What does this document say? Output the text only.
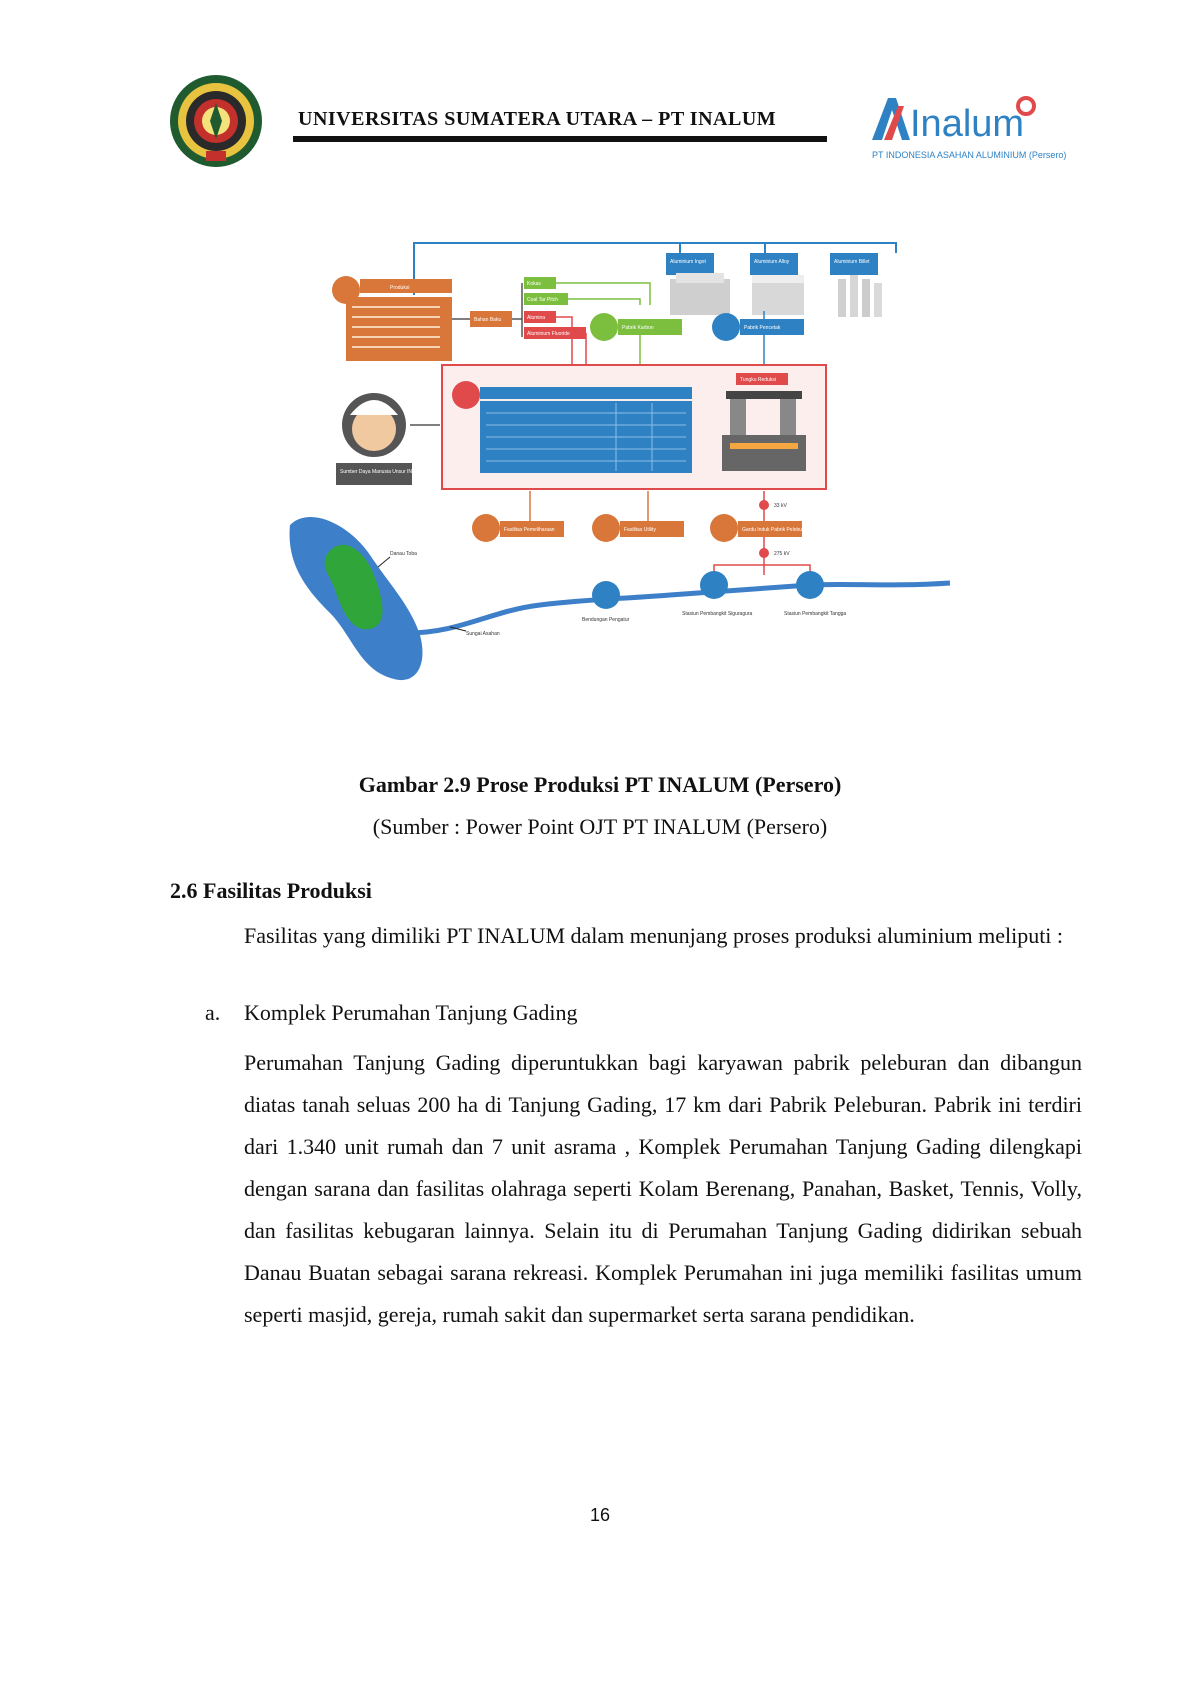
UNIVERSITAS SUMATERA UTARA – PT INALUM	Inalum
PT INDONESIA ASAHAN ALUMINIUM (Persero)
Aluminium Ingot	Aluminium Alloy	Aluminium Billet
Produksi
Bahan Baku
Kokas
Coal Tar Pitch
Alumina
Aluminium Fluoride
Pabrik Karbon	Pabrik Pencetak
Tungku Reduksi
Sumber Daya Manusia Unsur INALUM
Fasilitas Pemeliharaan	Fasilitas Utility	Gardu Induk Pabrik Peleburan
33 kV
275 kV
Danau Toba
Sungai Asahan
Bendungan Pengatur
Stasiun Pembangkit Siguragura	Stasiun Pembangkit Tangga
Gambar 2.9 Prose Produksi PT INALUM (Persero)
(Sumber : Power Point OJT PT INALUM (Persero)
2.6 Fasilitas Produksi
Fasilitas yang dimiliki PT INALUM dalam menunjang proses produksi aluminium meliputi :
a. Komplek Perumahan Tanjung Gading
Perumahan Tanjung Gading diperuntukkan bagi karyawan pabrik peleburan dan dibangun diatas tanah seluas 200 ha di Tanjung Gading, 17 km dari Pabrik Peleburan. Pabrik ini terdiri dari 1.340 unit rumah dan 7 unit asrama , Komplek Perumahan Tanjung Gading dilengkapi dengan sarana dan fasilitas olahraga seperti Kolam Berenang, Panahan, Basket, Tennis, Volly, dan fasilitas kebugaran lainnya. Selain itu di Perumahan Tanjung Gading didirikan sebuah Danau Buatan sebagai sarana rekreasi. Komplek Perumahan ini juga memiliki fasilitas umum seperti masjid, gereja, rumah sakit dan supermarket serta sarana pendidikan.
16
